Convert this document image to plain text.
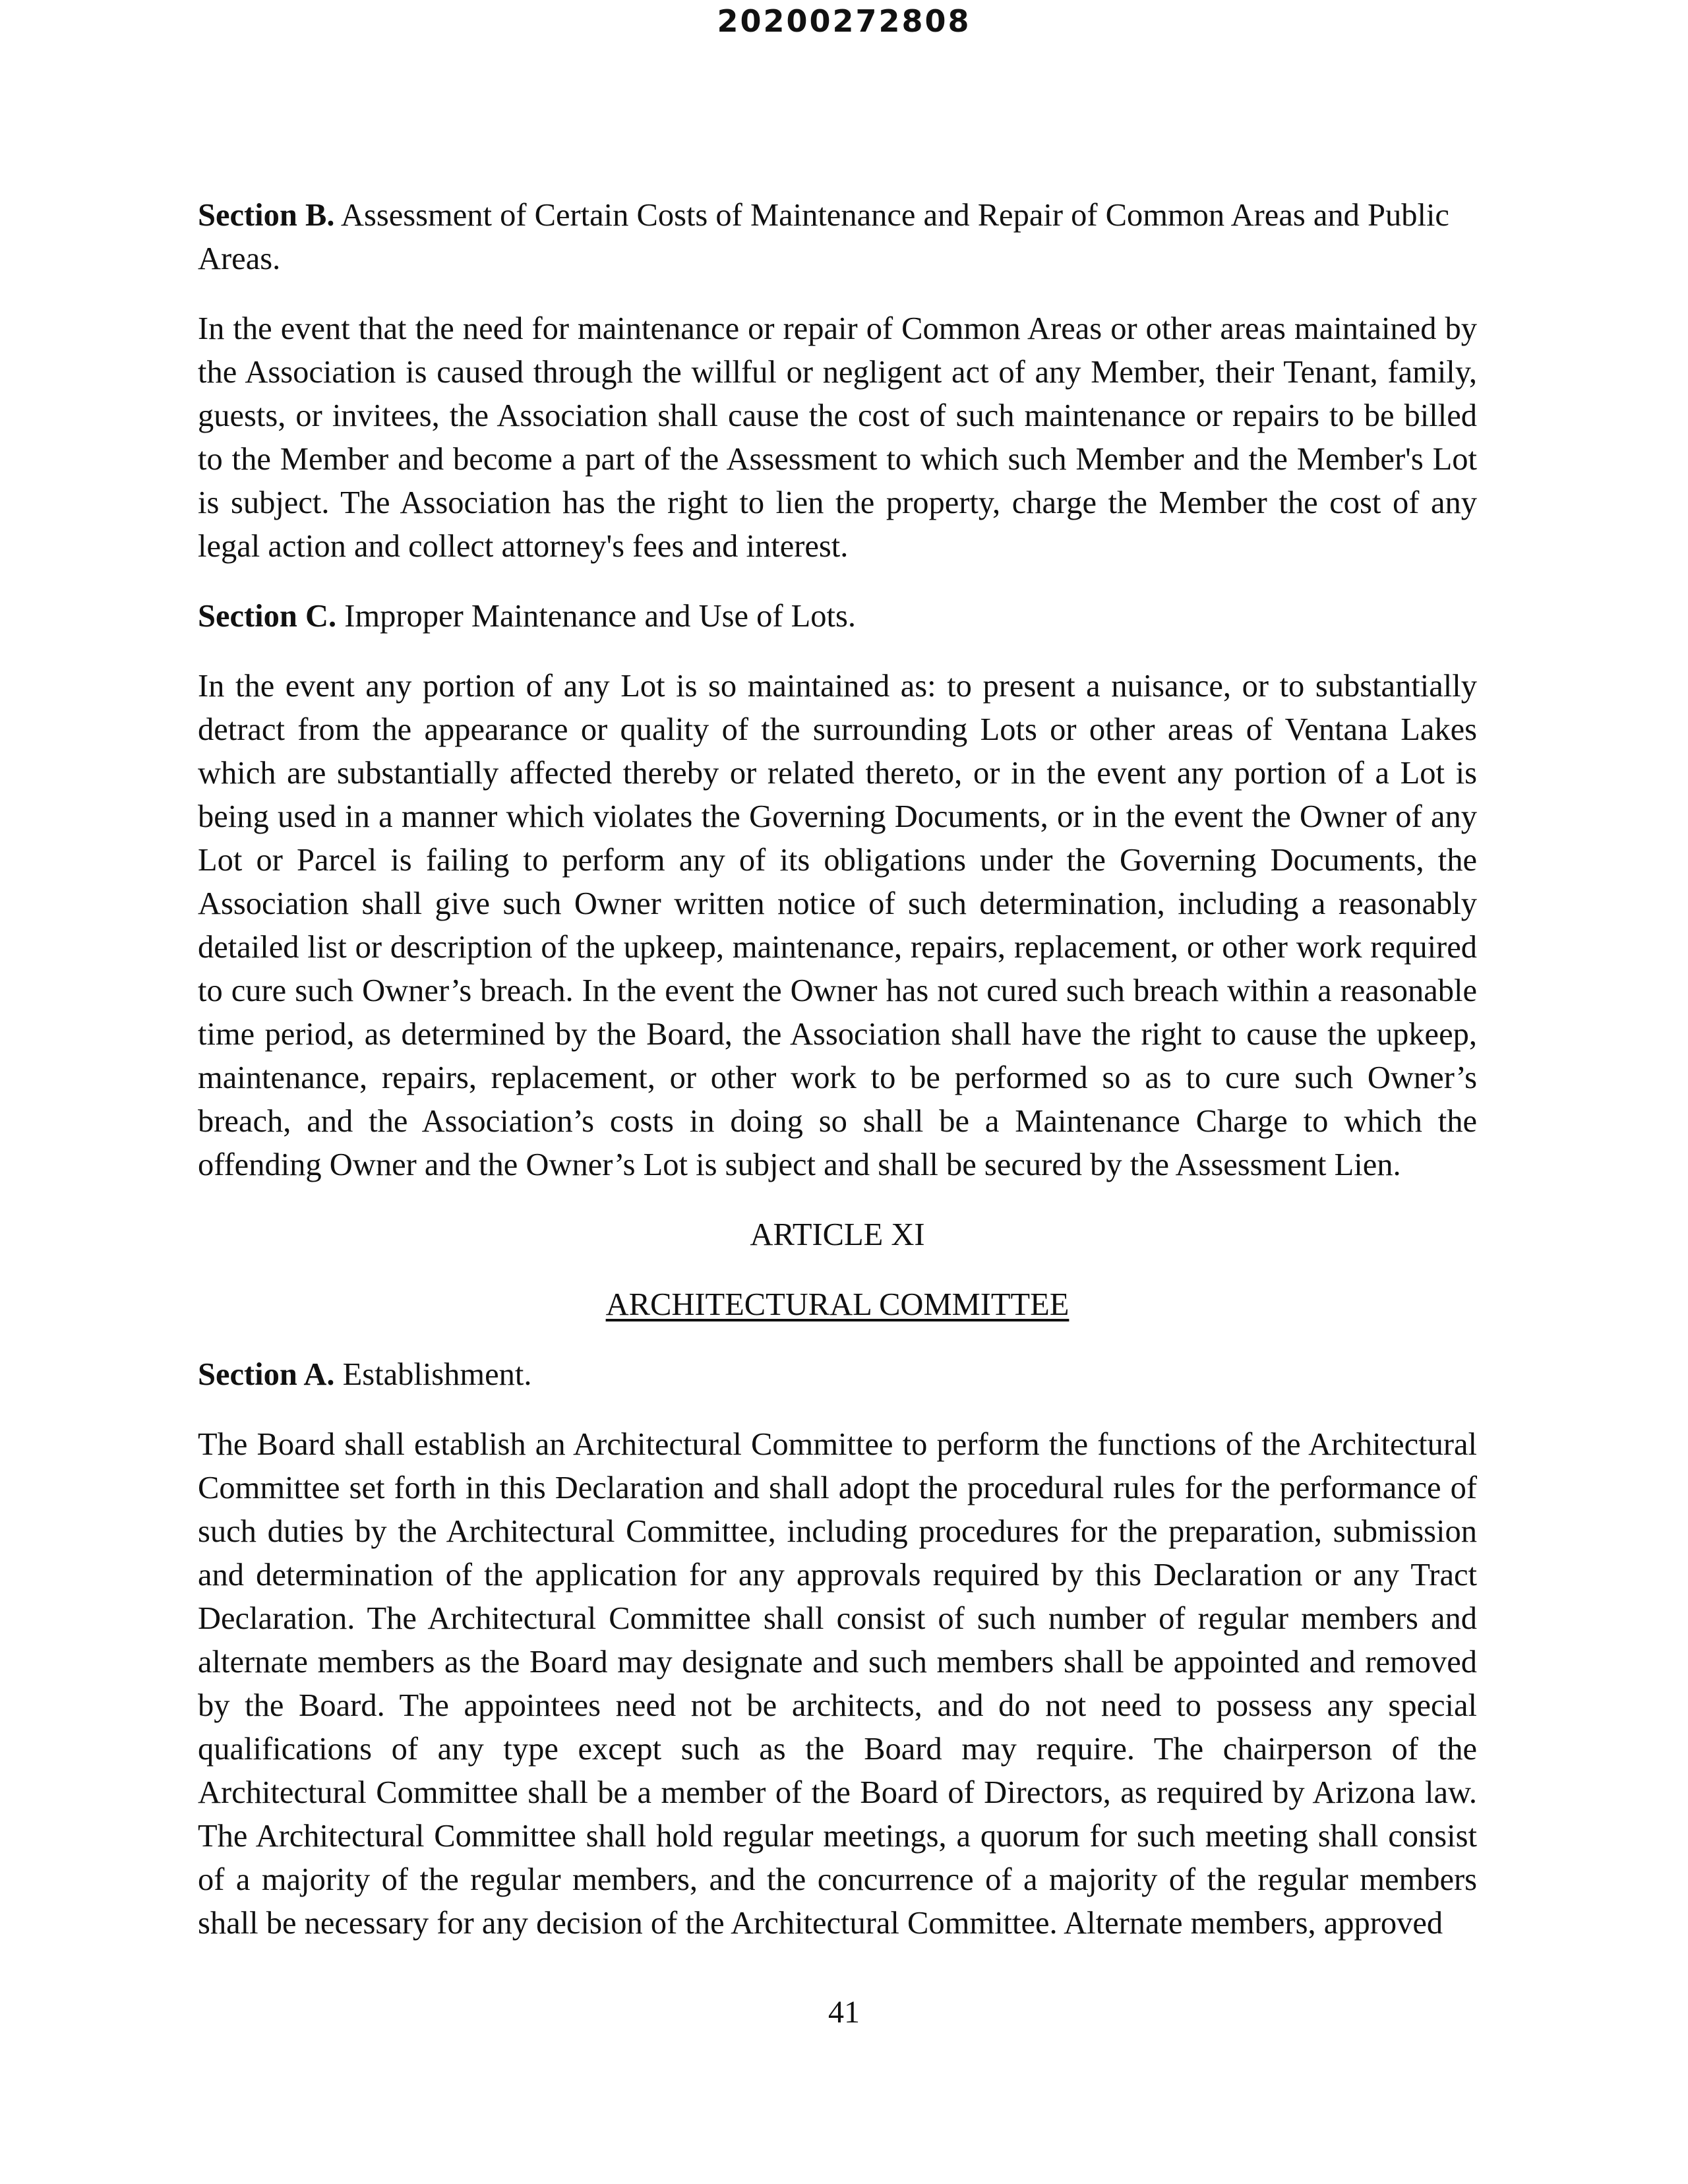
20200272808

Section B. Assessment of Certain Costs of Maintenance and Repair of Common Areas and Public Areas.

In the event that the need for maintenance or repair of Common Areas or other areas maintained by the Association is caused through the willful or negligent act of any Member, their Tenant, family, guests, or invitees, the Association shall cause the cost of such maintenance or repairs to be billed to the Member and become a part of the Assessment to which such Member and the Member's Lot is subject. The Association has the right to lien the property, charge the Member the cost of any legal action and collect attorney's fees and interest.

Section C. Improper Maintenance and Use of Lots.

In the event any portion of any Lot is so maintained as: to present a nuisance, or to substantially detract from the appearance or quality of the surrounding Lots or other areas of Ventana Lakes which are substantially affected thereby or related thereto, or in the event any portion of a Lot is being used in a manner which violates the Governing Documents, or in the event the Owner of any Lot or Parcel is failing to perform any of its obligations under the Governing Documents, the Association shall give such Owner written notice of such determination, including a reasonably detailed list or description of the upkeep, maintenance, repairs, replacement, or other work required to cure such Owner’s breach. In the event the Owner has not cured such breach within a reasonable time period, as determined by the Board, the Association shall have the right to cause the upkeep, maintenance, repairs, replacement, or other work to be performed so as to cure such Owner’s breach, and the Association’s costs in doing so shall be a Maintenance Charge to which the offending Owner and the Owner’s Lot is subject and shall be secured by the Assessment Lien.

ARTICLE XI

ARCHITECTURAL COMMITTEE

Section A. Establishment.

The Board shall establish an Architectural Committee to perform the functions of the Architectural Committee set forth in this Declaration and shall adopt the procedural rules for the performance of such duties by the Architectural Committee, including procedures for the preparation, submission and determination of the application for any approvals required by this Declaration or any Tract Declaration. The Architectural Committee shall consist of such number of regular members and alternate members as the Board may designate and such members shall be appointed and removed by the Board. The appointees need not be architects, and do not need to possess any special qualifications of any type except such as the Board may require. The chairperson of the Architectural Committee shall be a member of the Board of Directors, as required by Arizona law. The Architectural Committee shall hold regular meetings, a quorum for such meeting shall consist of a majority of the regular members, and the concurrence of a majority of the regular members shall be necessary for any decision of the Architectural Committee. Alternate members, approved

41
